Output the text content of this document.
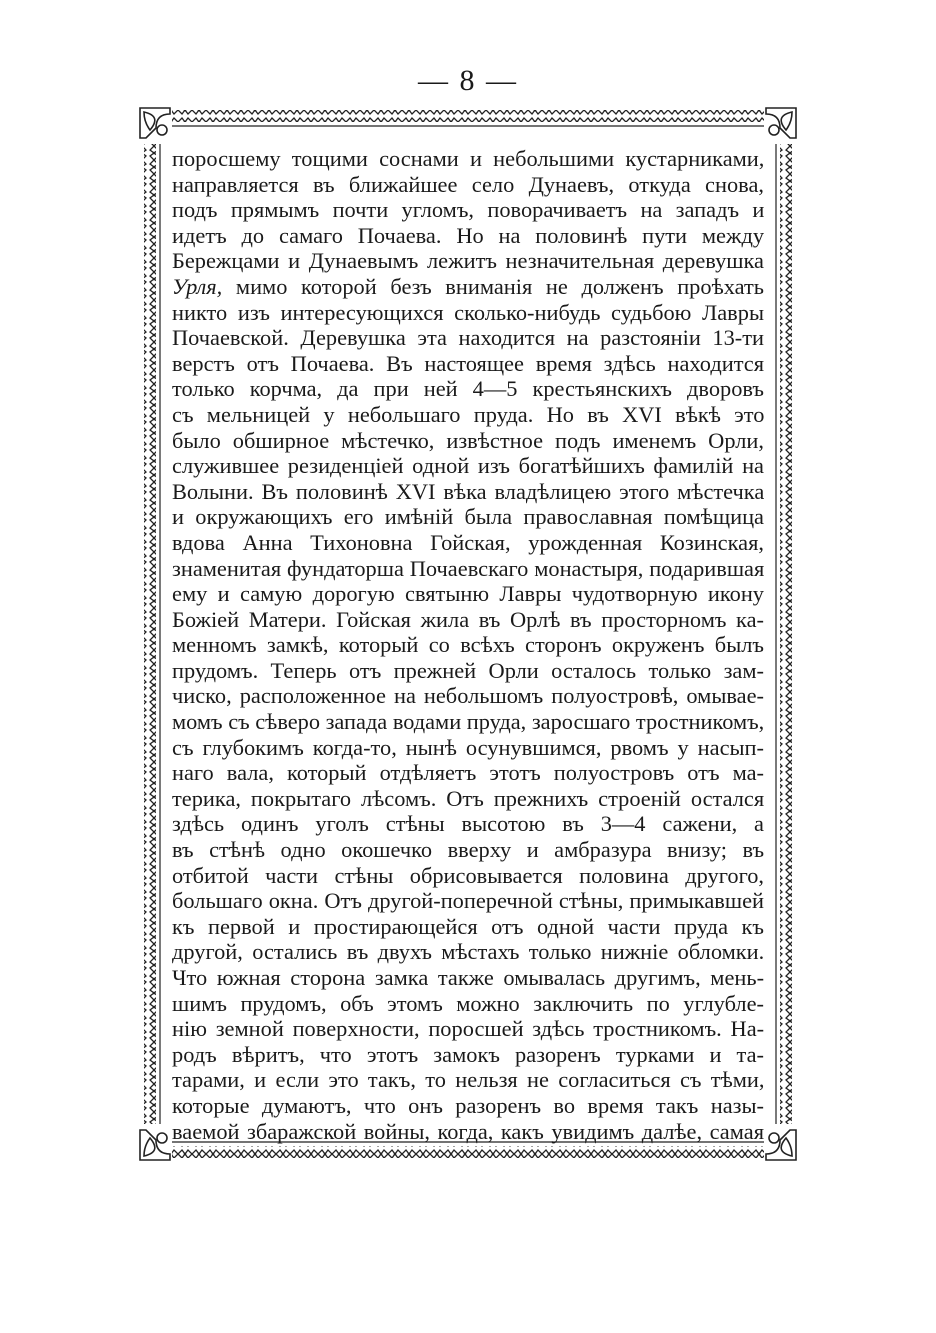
— 8 —
поросшему тощими соснами и небольшими кустарниками,
направляется въ ближайшее село Дунаевъ, откуда снова,
подъ прямымъ почти угломъ, поворачиваетъ на западъ и
идетъ до самаго Почаева. Но на половинѣ пути между
Бережцами и Дунаевымъ лежитъ незначительная деревушка
Урля, мимо которой безъ вниманія не долженъ проѣхать
никто изъ интересующихся сколько-нибудь судьбою Лавры
Почаевской. Деревушка эта находится на разстояніи 13-ти
верстъ отъ Почаева. Въ настоящее время здѣсь находится
только корчма, да при ней 4—5 крестьянскихъ дворовъ
съ мельницей у небольшаго пруда. Но въ XVI вѣкѣ это
было обширное мѣстечко, извѣстное подъ именемъ Орли,
служившее резиденціей одной изъ богатѣйшихъ фамилій на
Волыни. Въ половинѣ XVI вѣка владѣлицею этого мѣстечка
и окружающихъ его имѣній была православная помѣщица
вдова Анна Тихоновна Гойская, урожденная Козинская,
знаменитая фундаторша Почаевскаго монастыря, подарившая
ему и самую дорогую святыню Лавры чудотворную икону
Божіей Матери. Гойская жила въ Орлѣ въ просторномъ ка-
менномъ замкѣ, который со всѣхъ сторонъ окруженъ былъ
прудомъ. Теперь отъ прежней Орли осталось только зам-
чиско, расположенное на небольшомъ полуостровѣ, омывае-
момъ съ сѣверо запада водами пруда, заросшаго тростникомъ,
съ глубокимъ когда-то, нынѣ осунувшимся, рвомъ у насып-
наго вала, который отдѣляетъ этотъ полуостровъ отъ ма-
терика, покрытаго лѣсомъ. Отъ прежнихъ строеній остался
здѣсь одинъ уголъ стѣны высотою въ 3—4 сажени, а
въ стѣнѣ одно окошечко вверху и амбразура внизу; въ
отбитой части стѣны обрисовывается половина другого,
большаго окна. Отъ другой-поперечной стѣны, примыкавшей
къ первой и простирающейся отъ одной части пруда къ
другой, остались въ двухъ мѣстахъ только нижніе обломки.
Что южная сторона замка также омывалась другимъ, мень-
шимъ прудомъ, объ этомъ можно заключить по углубле-
нію земной поверхности, поросшей здѣсь тростникомъ. На-
родъ вѣритъ, что этотъ замокъ разоренъ турками и та-
тарами, и если это такъ, то нельзя не согласиться съ тѣми,
которые думаютъ, что онъ разоренъ во время такъ назы-
ваемой збаражской войны, когда, какъ увидимъ далѣе, самая
